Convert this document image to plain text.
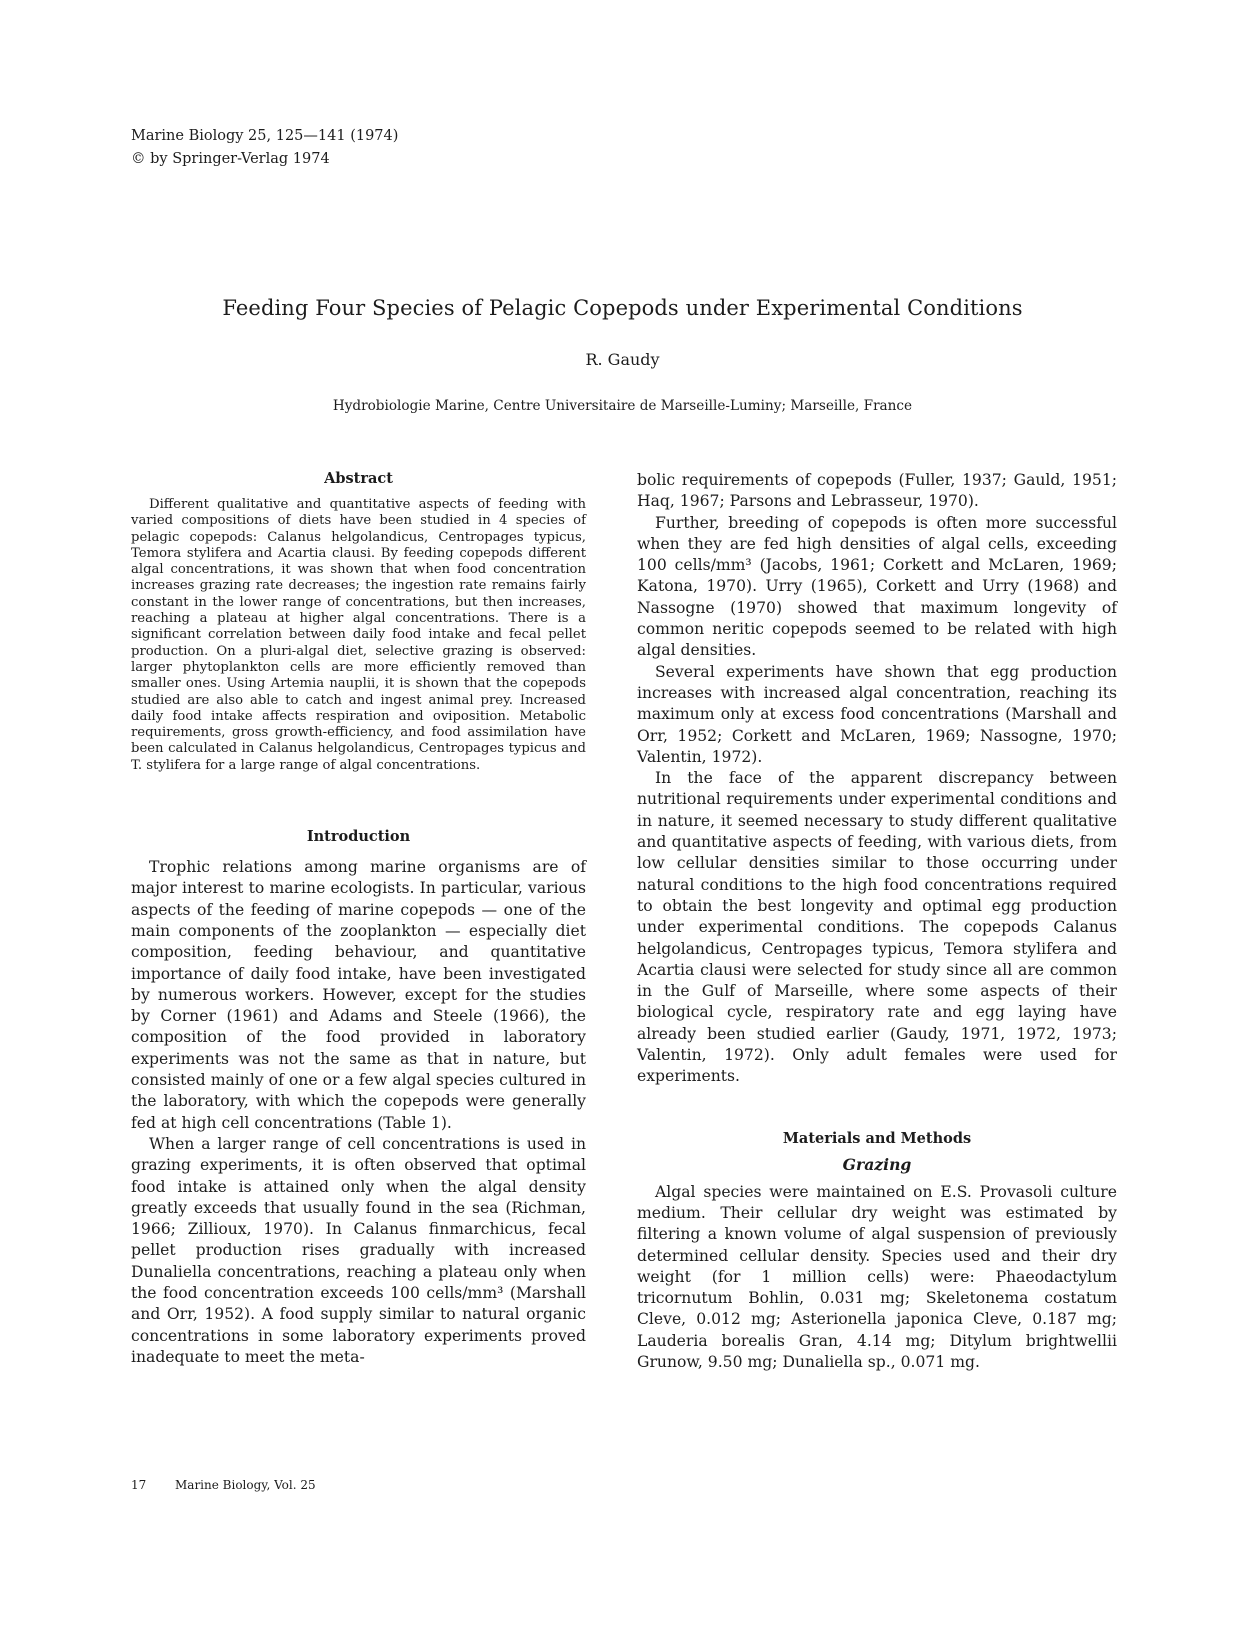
Marine Biology 25, 125—141 (1974)
© by Springer-Verlag 1974
Feeding Four Species of Pelagic Copepods under Experimental Conditions
R. Gaudy
Hydrobiologie Marine, Centre Universitaire de Marseille-Luminy; Marseille, France
Abstract

Different qualitative and quantitative aspects of feeding with varied compositions of diets have been studied in 4 species of pelagic copepods: Calanus helgolandicus, Centropages typicus, Temora stylifera and Acartia clausi. By feeding copepods different algal concentrations, it was shown that when food concentration increases grazing rate decreases; the ingestion rate remains fairly constant in the lower range of concentrations, but then increases, reaching a plateau at higher algal concentrations. There is a significant correlation between daily food intake and fecal pellet production. On a pluri-algal diet, selective grazing is observed: larger phytoplankton cells are more efficiently removed than smaller ones. Using Artemia nauplii, it is shown that the copepods studied are also able to catch and ingest animal prey. Increased daily food intake affects respiration and oviposition. Metabolic requirements, gross growth-efficiency, and food assimilation have been calculated in Calanus helgolandicus, Centropages typicus and T. stylifera for a large range of algal concentrations.

Introduction

Trophic relations among marine organisms are of major interest to marine ecologists. In particular, various aspects of the feeding of marine copepods — one of the main components of the zooplankton — especially diet composition, feeding behaviour, and quantitative importance of daily food intake, have been investigated by numerous workers. However, except for the studies by Corner (1961) and Adams and Steele (1966), the composition of the food provided in laboratory experiments was not the same as that in nature, but consisted mainly of one or a few algal species cultured in the laboratory, with which the copepods were generally fed at high cell concentrations (Table 1).

When a larger range of cell concentrations is used in grazing experiments, it is often observed that optimal food intake is attained only when the algal density greatly exceeds that usually found in the sea (Richman, 1966; Zillioux, 1970). In Calanus finmarchicus, fecal pellet production rises gradually with increased Dunaliella concentrations, reaching a plateau only when the food concentration exceeds 100 cells/mm³ (Marshall and Orr, 1952). A food supply similar to natural organic concentrations in some laboratory experiments proved inadequate to meet the meta-

bolic requirements of copepods (Fuller, 1937; Gauld, 1951; Haq, 1967; Parsons and Lebrasseur, 1970).

Further, breeding of copepods is often more successful when they are fed high densities of algal cells, exceeding 100 cells/mm³ (Jacobs, 1961; Corkett and McLaren, 1969; Katona, 1970). Urry (1965), Corkett and Urry (1968) and Nassogne (1970) showed that maximum longevity of common neritic copepods seemed to be related with high algal densities.

Several experiments have shown that egg production increases with increased algal concentration, reaching its maximum only at excess food concentrations (Marshall and Orr, 1952; Corkett and McLaren, 1969; Nassogne, 1970; Valentin, 1972).

In the face of the apparent discrepancy between nutritional requirements under experimental conditions and in nature, it seemed necessary to study different qualitative and quantitative aspects of feeding, with various diets, from low cellular densities similar to those occurring under natural conditions to the high food concentrations required to obtain the best longevity and optimal egg production under experimental conditions. The copepods Calanus helgolandicus, Centropages typicus, Temora stylifera and Acartia clausi were selected for study since all are common in the Gulf of Marseille, where some aspects of their biological cycle, respiratory rate and egg laying have already been studied earlier (Gaudy, 1971, 1972, 1973; Valentin, 1972). Only adult females were used for experiments.

Materials and Methods
Grazing

Algal species were maintained on E.S. Provasoli culture medium. Their cellular dry weight was estimated by filtering a known volume of algal suspension of previously determined cellular density. Species used and their dry weight (for 1 million cells) were: Phaeodactylum tricornutum Bohlin, 0.031 mg; Skeletonema costatum Cleve, 0.012 mg; Asterionella japonica Cleve, 0.187 mg; Lauderia borealis Gran, 4.14 mg; Ditylum brightwellii Grunow, 9.50 mg; Dunaliella sp., 0.071 mg.

17 Marine Biology, Vol. 25
